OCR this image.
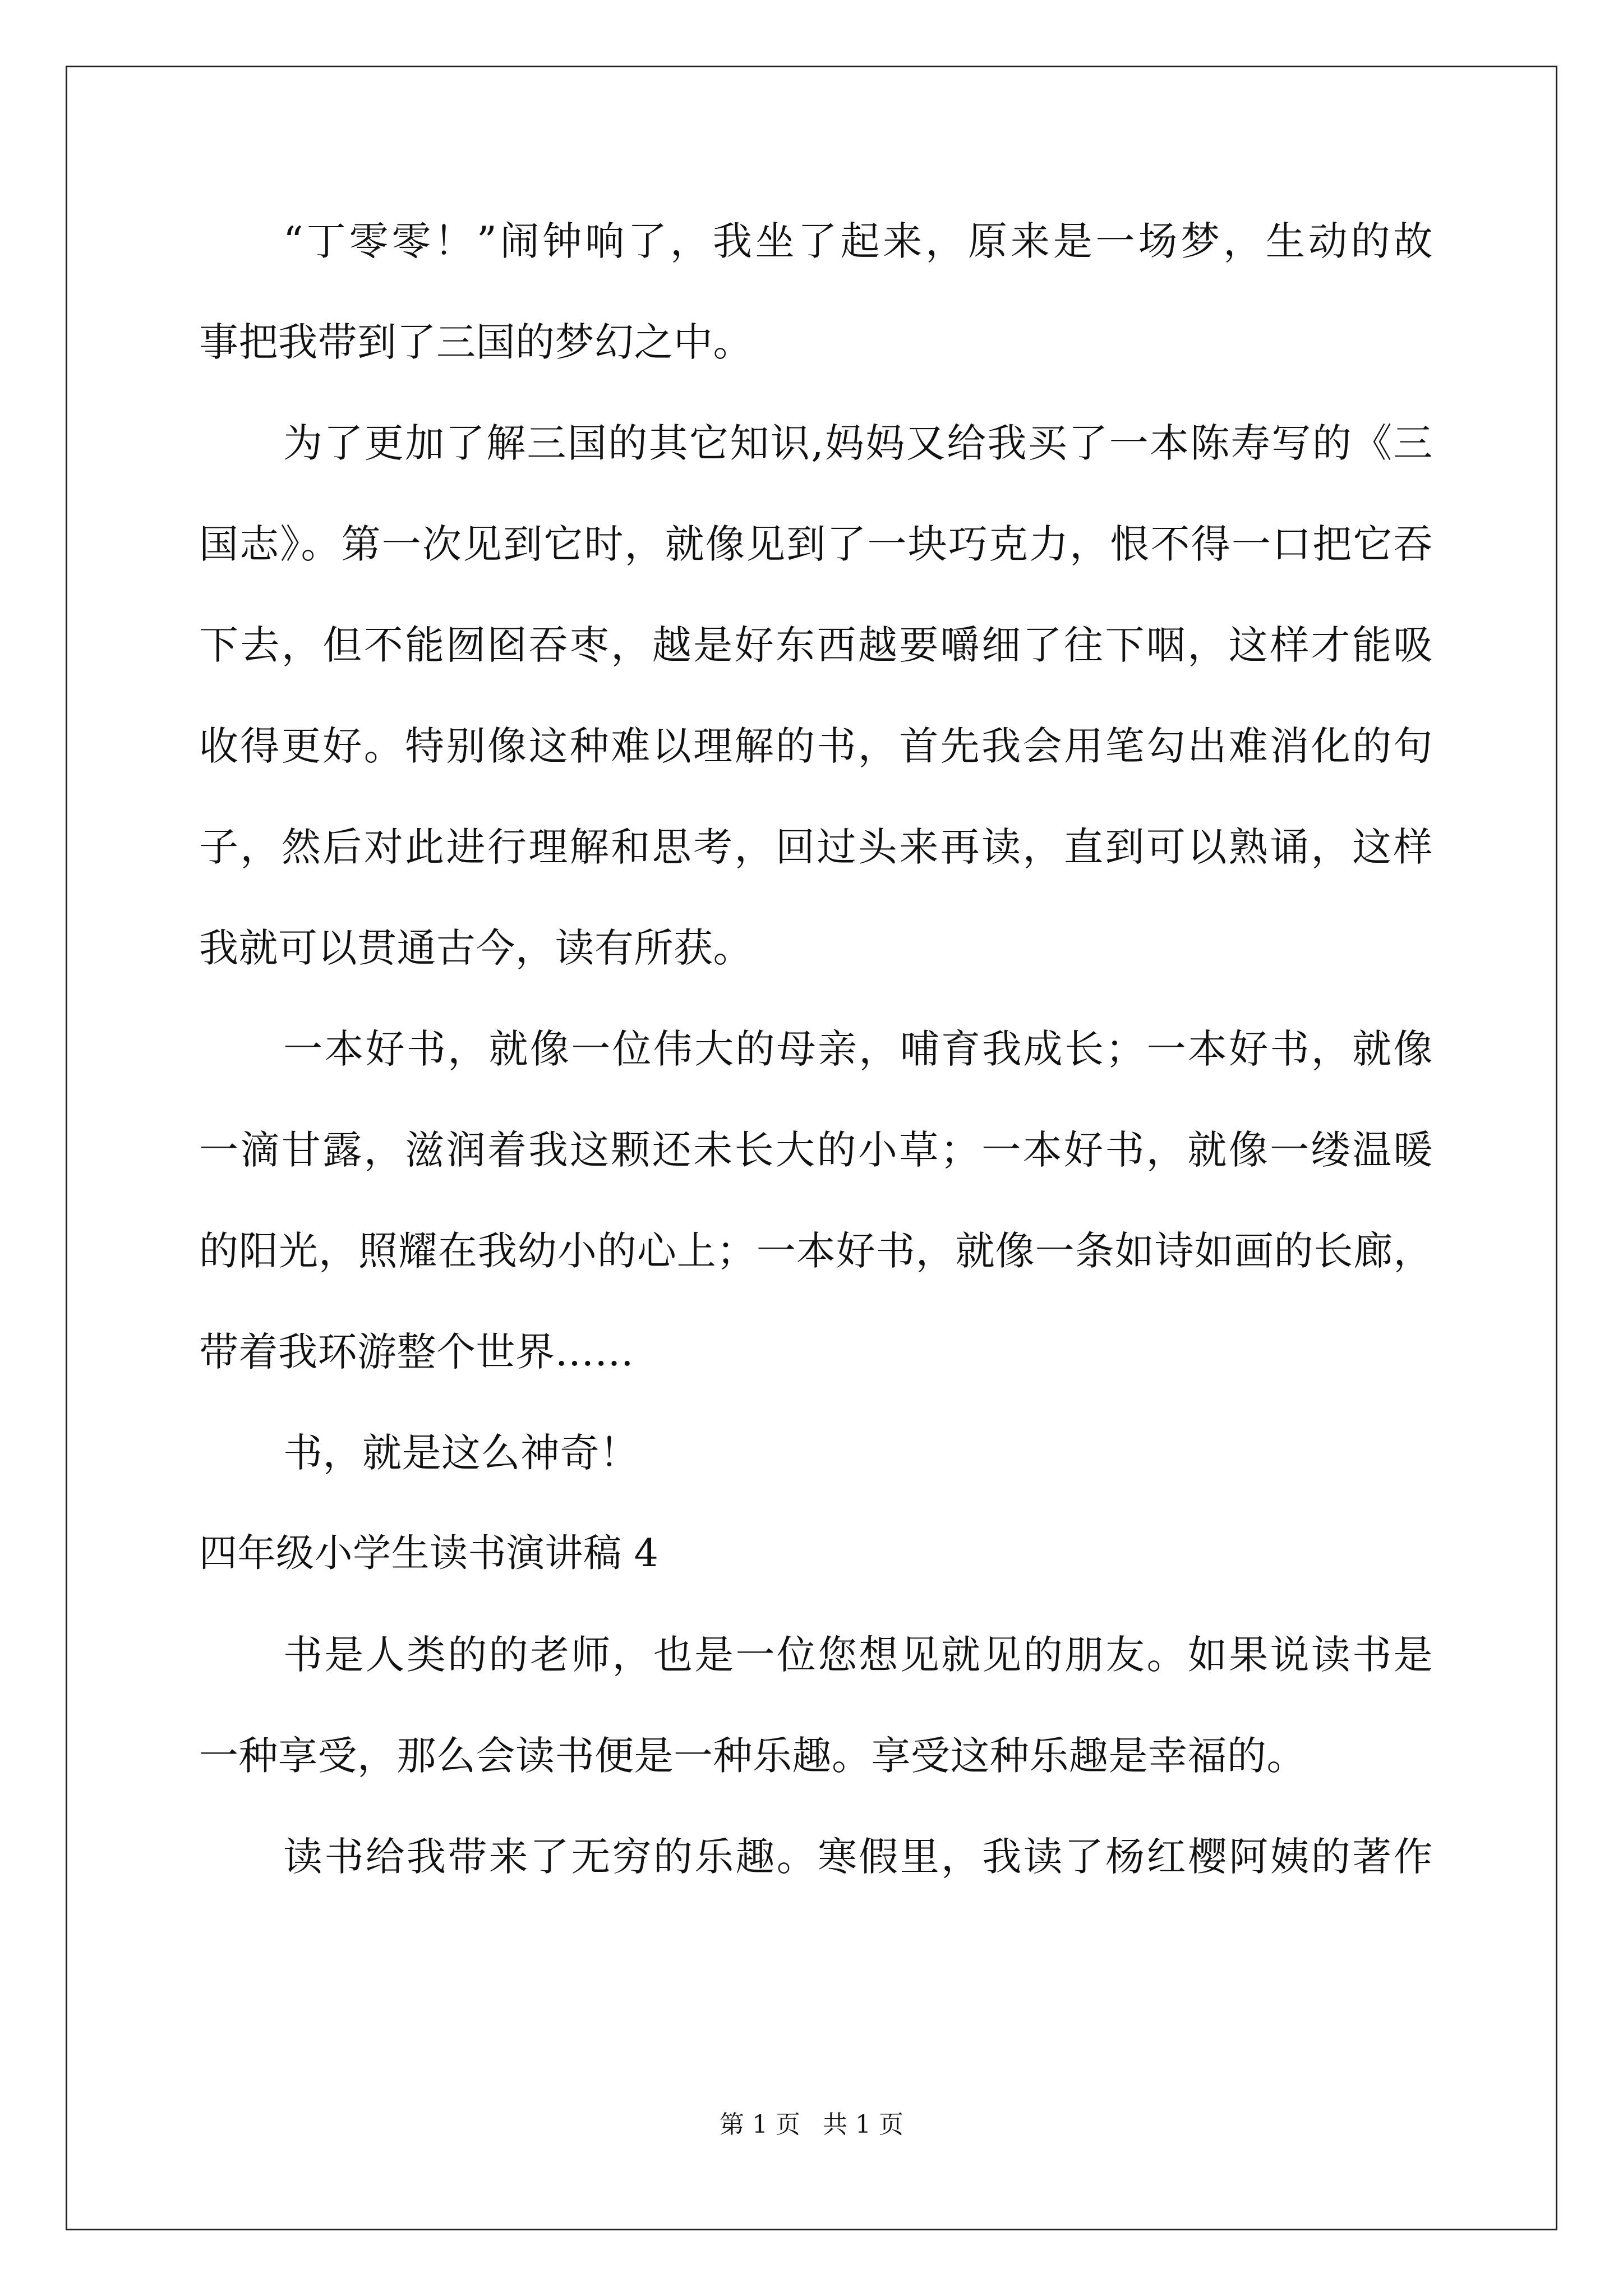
“丁零零！”闹钟响了，我坐了起来，原来是一场梦，生动的故
事把我带到了三国的梦幻之中。
为了更加了解三国的其它知识,妈妈又给我买了一本陈寿写的《三
国志》。第一次见到它时，就像见到了一块巧克力，恨不得一口把它吞
下去，但不能囫囵吞枣，越是好东西越要嚼细了往下咽，这样才能吸
收得更好。特别像这种难以理解的书，首先我会用笔勾出难消化的句
子，然后对此进行理解和思考，回过头来再读，直到可以熟诵，这样
我就可以贯通古今，读有所获。
一本好书，就像一位伟大的母亲，哺育我成长；一本好书，就像
一滴甘露，滋润着我这颗还未长大的小草；一本好书，就像一缕温暖
的阳光，照耀在我幼小的心上；一本好书，就像一条如诗如画的长廊，
带着我环游整个世界……
书，就是这么神奇！
四年级小学生读书演讲稿 4
书是人类的的老师，也是一位您想见就见的朋友。如果说读书是
一种享受，那么会读书便是一种乐趣。享受这种乐趣是幸福的。
读书给我带来了无穷的乐趣。寒假里，我读了杨红樱阿姨的著作
第 1 页 共 1 页
